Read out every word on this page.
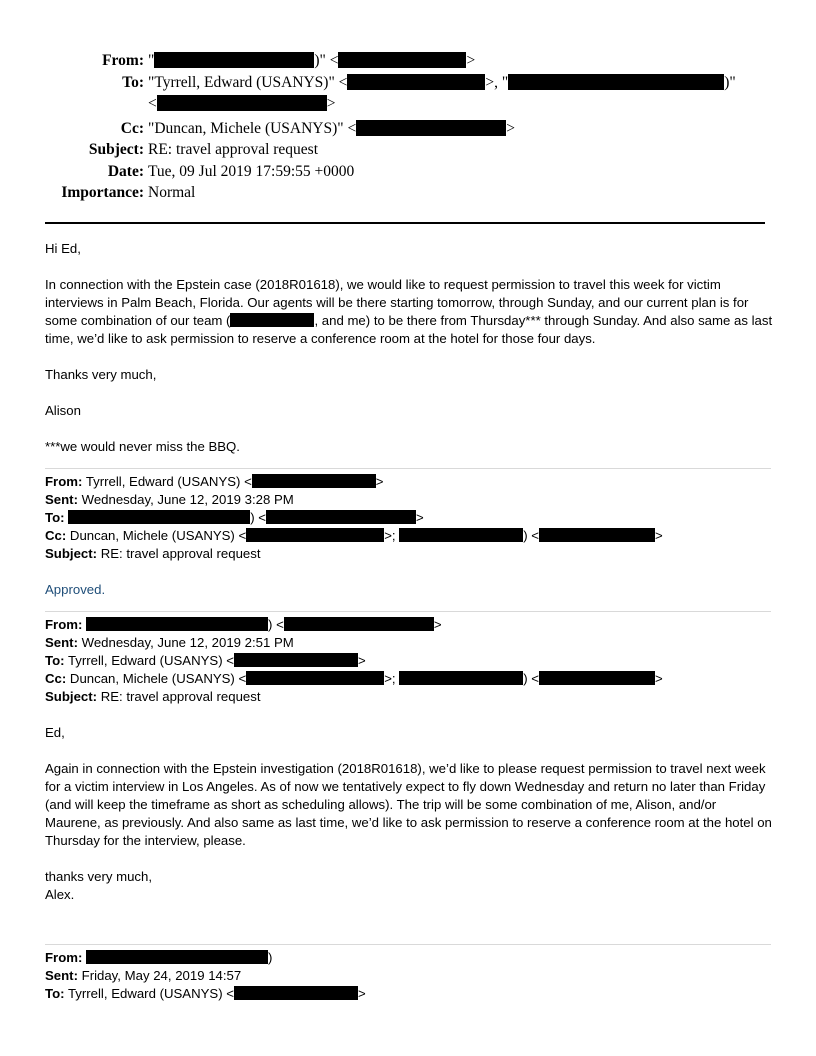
From: "	)" <	>
To: "Tyrrell, Edward (USANYS)" <	>, "	)"
<	>
Cc: "Duncan, Michele (USANYS)" <	>
Subject: RE: travel approval request
Date: Tue, 09 Jul 2019 17:59:55 +0000
Importance: Normal

Hi Ed,

In connection with the Epstein case (2018R01618), we would like to request permission to travel this week for victim interviews in Palm Beach, Florida. Our agents will be there starting tomorrow, through Sunday, and our current plan is for some combination of our team (	, and me) to be there from Thursday*** through Sunday. And also same as last time, we’d like to ask permission to reserve a conference room at the hotel for those four days.

Thanks very much,

Alison

***we would never miss the BBQ.

From: Tyrrell, Edward (USANYS) <	>

Sent: Wednesday, June 12, 2019 3:28 PM

To:	) <	>

Cc: Duncan, Michele (USANYS) <	>;	) <	>

Subject: RE: travel approval request

Approved.

From:	) <	>

Sent: Wednesday, June 12, 2019 2:51 PM

To: Tyrrell, Edward (USANYS) <	>

Cc: Duncan, Michele (USANYS) <	>;	) <	>

Subject: RE: travel approval request

Ed,

Again in connection with the Epstein investigation (2018R01618), we’d like to please request permission to travel next week for a victim interview in Los Angeles. As of now we tentatively expect to fly down Wednesday and return no later than Friday (and will keep the timeframe as short as scheduling allows). The trip will be some combination of me, Alison, and/or Maurene, as previously. And also same as last time, we’d like to ask permission to reserve a conference room at the hotel on Thursday for the interview, please.

thanks very much,

Alex.

From:	)

Sent: Friday, May 24, 2019 14:57

To: Tyrrell, Edward (USANYS) <	>
